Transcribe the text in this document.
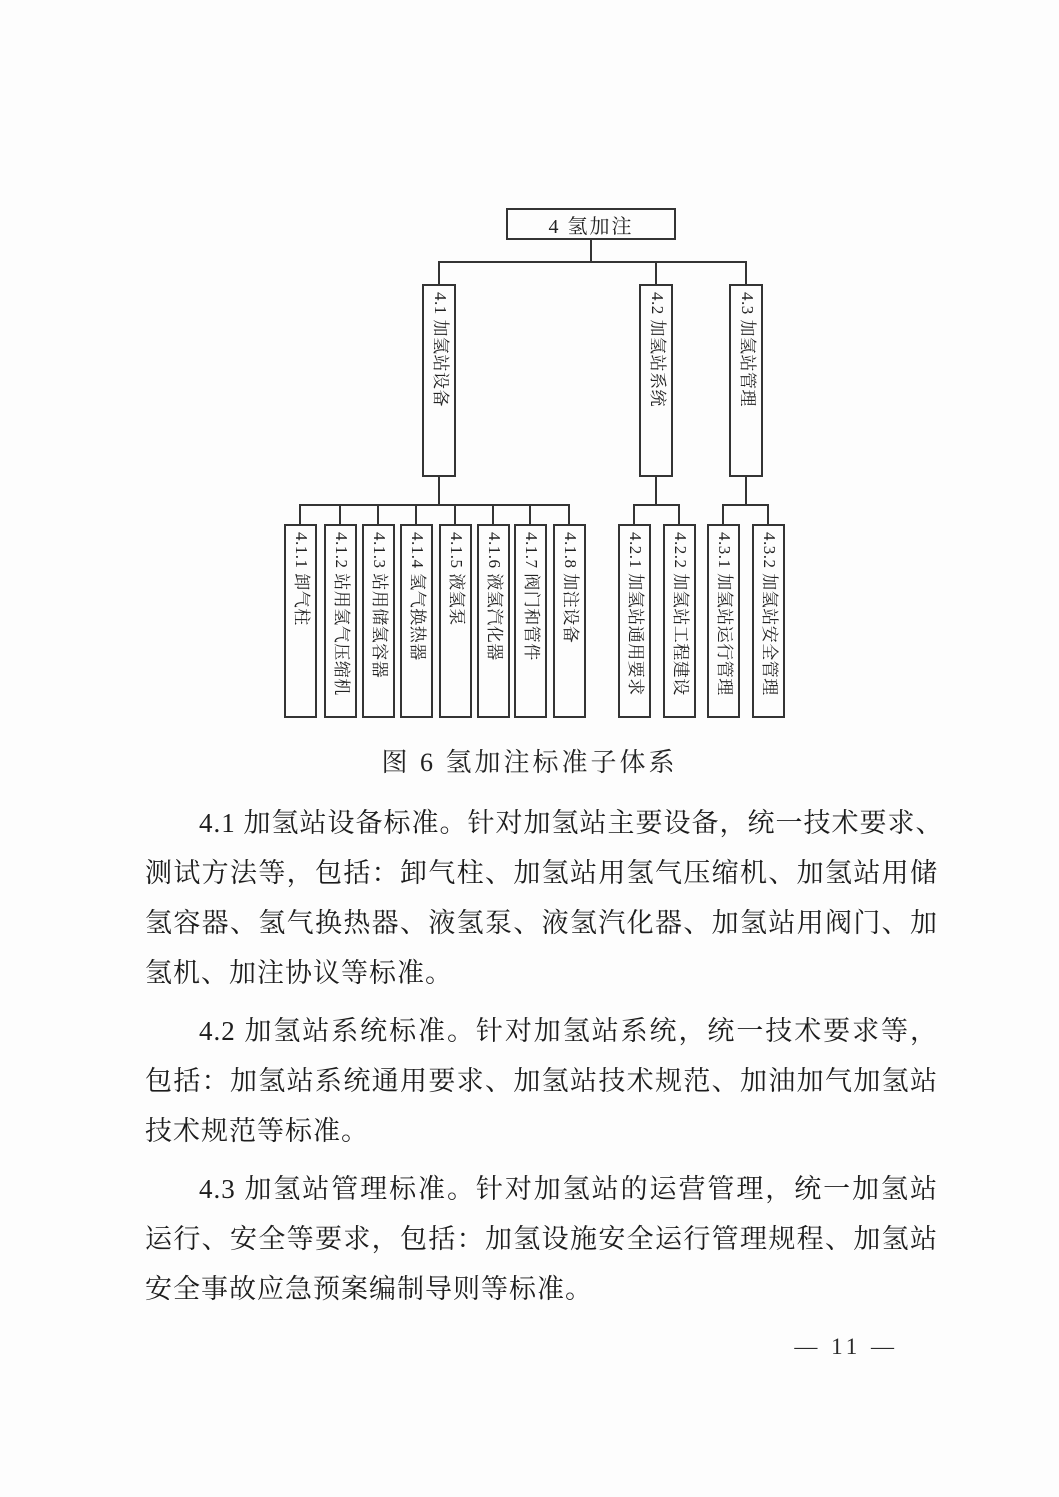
4 氢加注
4.1 加氢站设备
4.1.1 卸气柱	4.1.2 站用氢气压缩机	4.1.3 站用储氢容器	4.1.4 氢气换热器	4.1.5 液氢泵	4.1.6 液氢汽化器	4.1.7 阀门和管件	4.1.8 加注设备
4.2 加氢站系统
4.2.1 加氢站通用要求	4.2.2 加氢站工程建设
4.3 加氢站管理
4.3.1 加氢站运行管理	4.3.2 加氢站安全管理
图 6 氢加注标准子体系
4.1 加氢站设备标准。针对加氢站主要设备，统一技术要求、
测试方法等，包括：卸气柱、加氢站用氢气压缩机、加氢站用储
氢容器、氢气换热器、液氢泵、液氢汽化器、加氢站用阀门、加
氢机、加注协议等标准。
4.2 加氢站系统标准。针对加氢站系统，统一技术要求等，
包括：加氢站系统通用要求、加氢站技术规范、加油加气加氢站
技术规范等标准。
4.3 加氢站管理标准。针对加氢站的运营管理，统一加氢站
运行、安全等要求，包括：加氢设施安全运行管理规程、加氢站
安全事故应急预案编制导则等标准。
— 11 —
